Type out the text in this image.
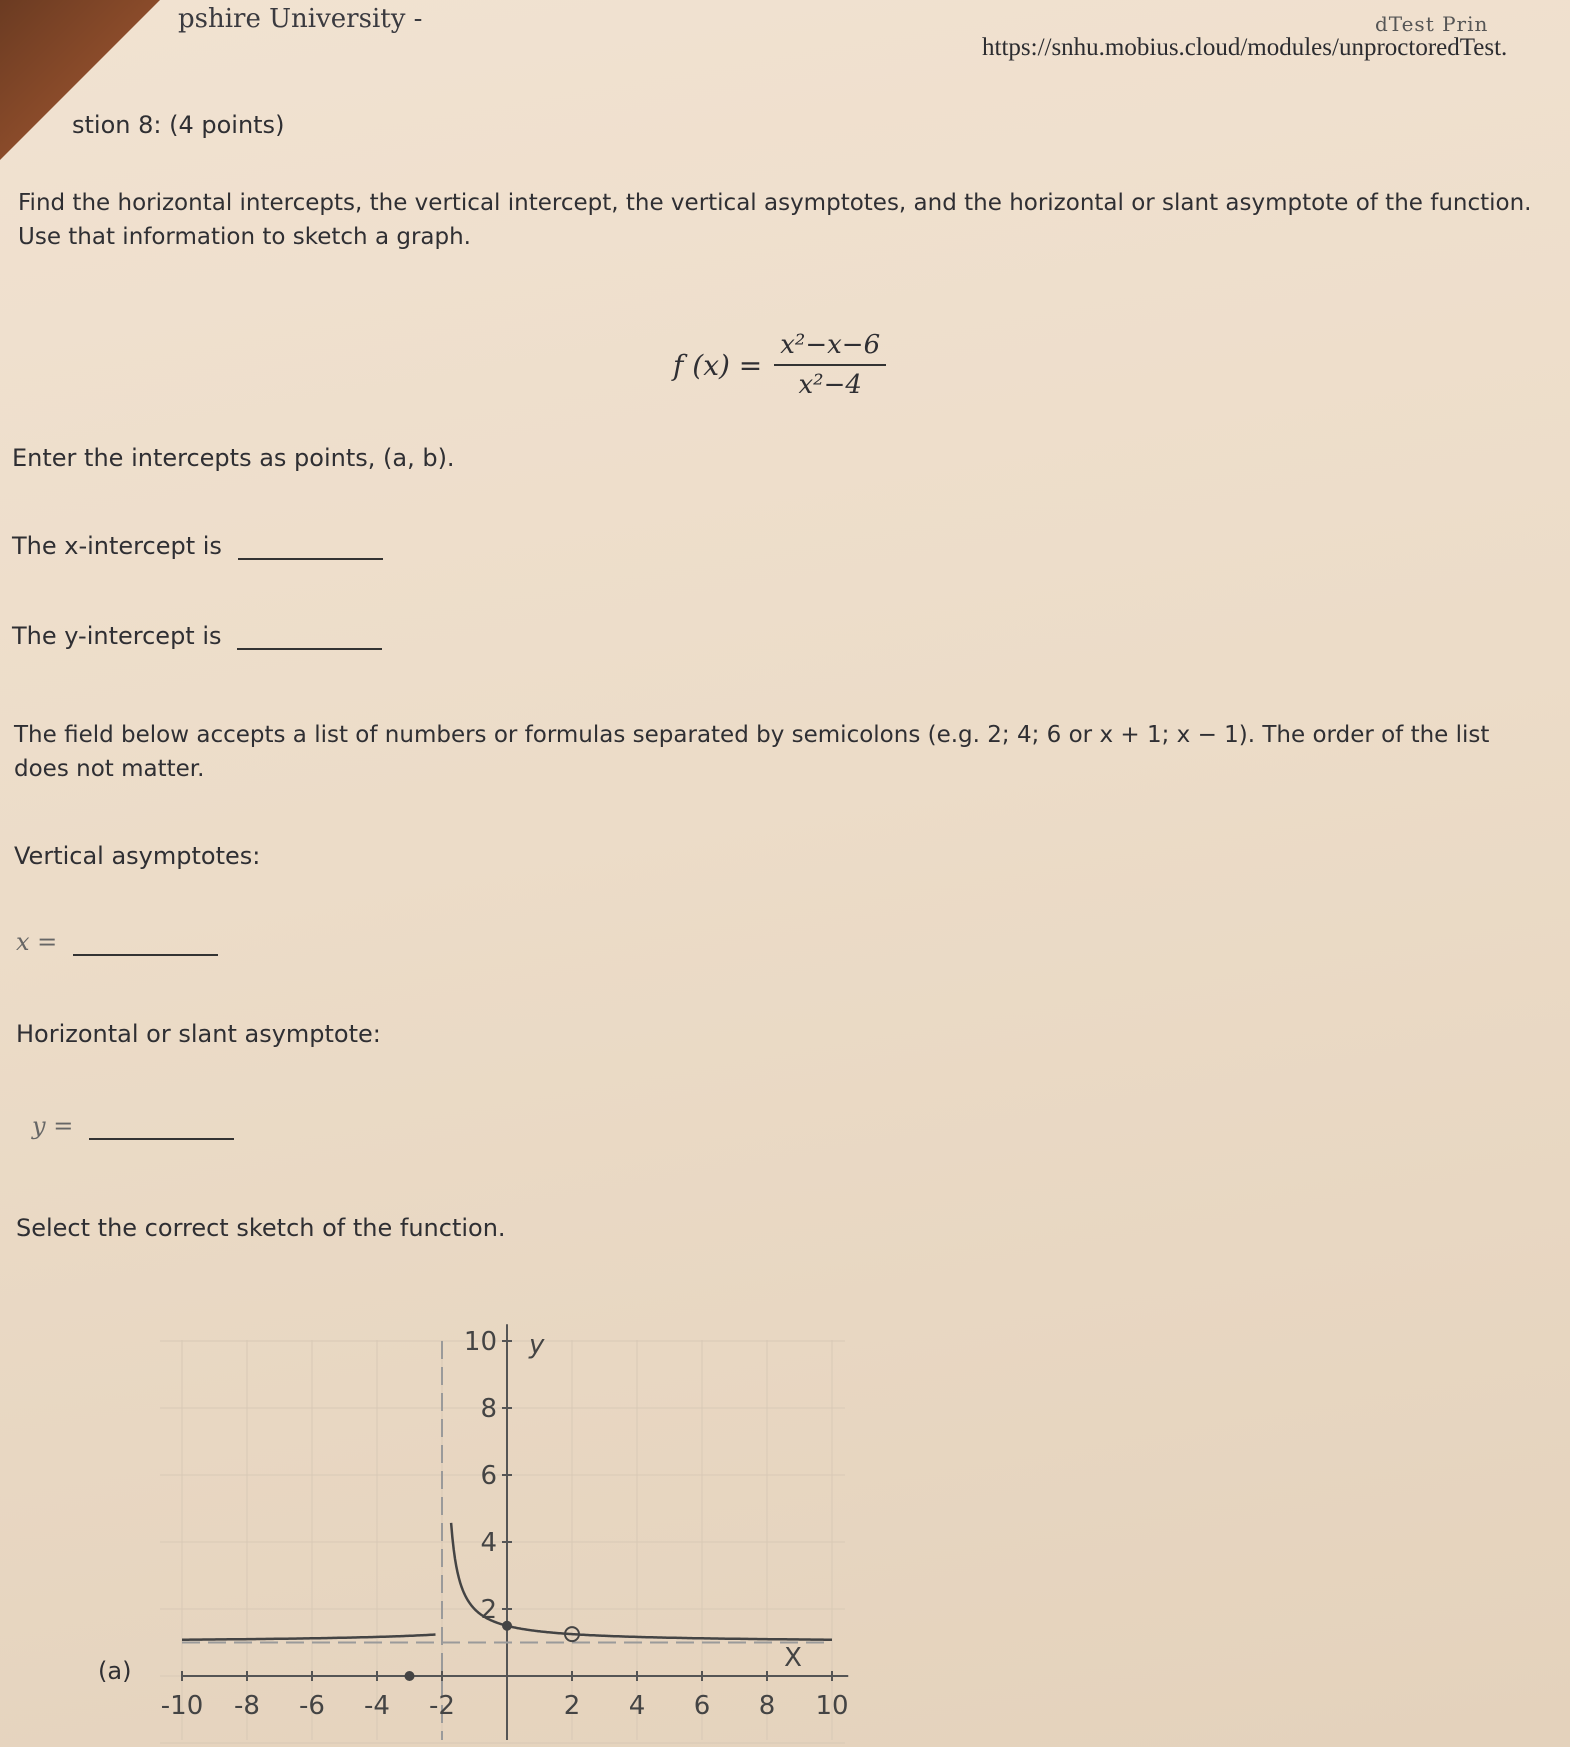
pshire University -	dTest Prin
https://snhu.mobius.cloud/modules/unproctoredTest.
stion 8: (4 points)
Find the horizontal intercepts, the vertical intercept, the vertical asymptotes, and the horizontal or slant asymptote of the function. Use that information to sketch a graph.
f $(x) = \frac{\text{x²−x−6}}{\text{x²−4}}$
Enter the intercepts as points, (a, b).
The x-intercept is
The y-intercept is
The field below accepts a list of numbers or formulas separated by semicolons (e.g. 2; 4; 6 or x + 1; x − 1). The order of the list does not matter.
Vertical asymptotes:
x =
Horizontal or slant asymptote:
y =
Select the correct sketch of the function.
(a)
-10 -8 -6 -4 -2	2 4 6 8 10
10
8
6
4
2
X
y
